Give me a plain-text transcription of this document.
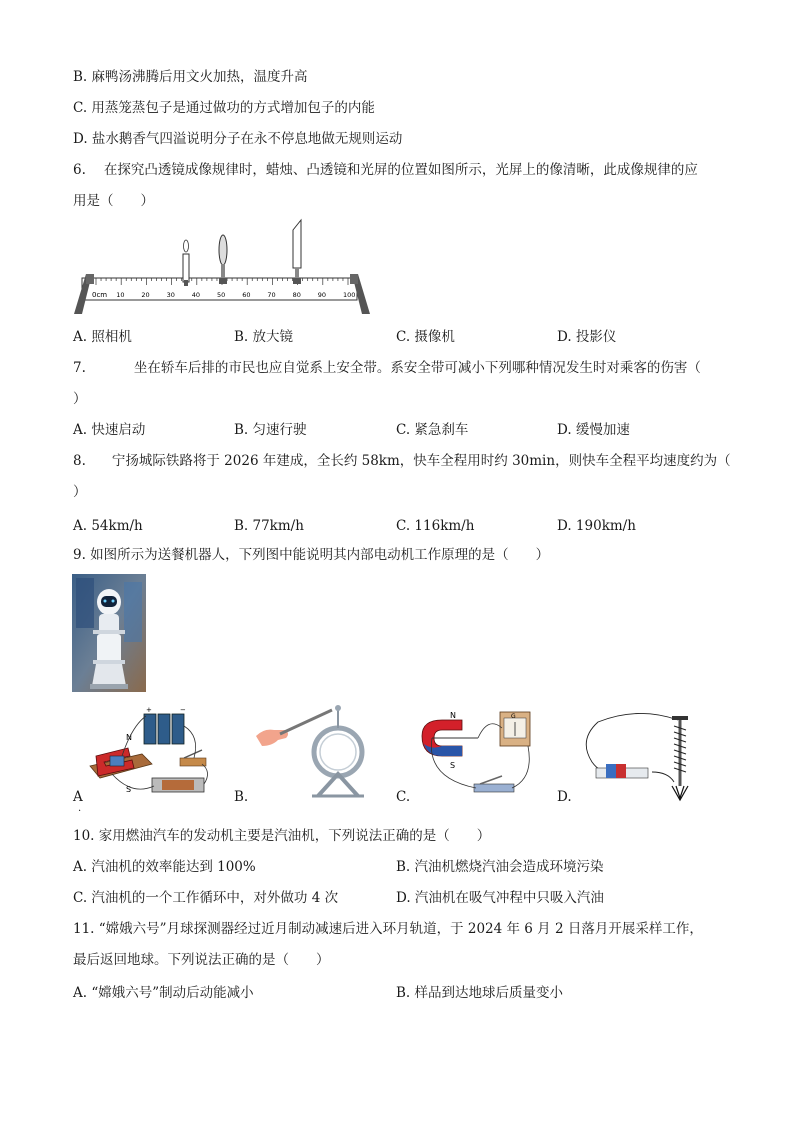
B. 麻鸭汤沸腾后用文火加热，温度升高
C. 用蒸笼蒸包子是通过做功的方式增加包子的内能
D. 盐水鹅香气四溢说明分子在永不停息地做无规则运动
6. 在探究凸透镜成像规律时，蜡烛、凸透镜和光屏的位置如图所示，光屏上的像清晰，此成像规律的应
用是（　　）
0cm 10	20	30	40	50	60	70	80	90	100
A. 照相机	B. 放大镜	C. 摄像机	D. 投影仪
7.	坐在轿车后排的市民也应自觉系上安全带。系安全带可减小下列哪种情况发生时对乘客的伤害（
）
A. 快速启动	B. 匀速行驶	C. 紧急刹车	D. 缓慢加速
8. 宁扬城际铁路将于 2026 年建成，全长约 58km，快车全程用时约 30min，则快车全程平均速度约为（
）
A. 54km/h	B. 77km/h	C. 116km/h	D. 190km/h
9. 如图所示为送餐机器人，下列图中能说明其内部电动机工作原理的是（　　）
N
S
+	−
G
N
S
A
.
B.	C.	D.
10. 家用燃油汽车的发动机主要是汽油机，下列说法正确的是（　　）
A. 汽油机的效率能达到 100%	B. 汽油机燃烧汽油会造成环境污染
C. 汽油机的一个工作循环中，对外做功 4 次	D. 汽油机在吸气冲程中只吸入汽油
11. “嫦娥六号”月球探测器经过近月制动减速后进入环月轨道，于 2024 年 6 月 2 日落月开展采样工作，
最后返回地球。下列说法正确的是（　　）
A. “嫦娥六号”制动后动能减小	B. 样品到达地球后质量变小
